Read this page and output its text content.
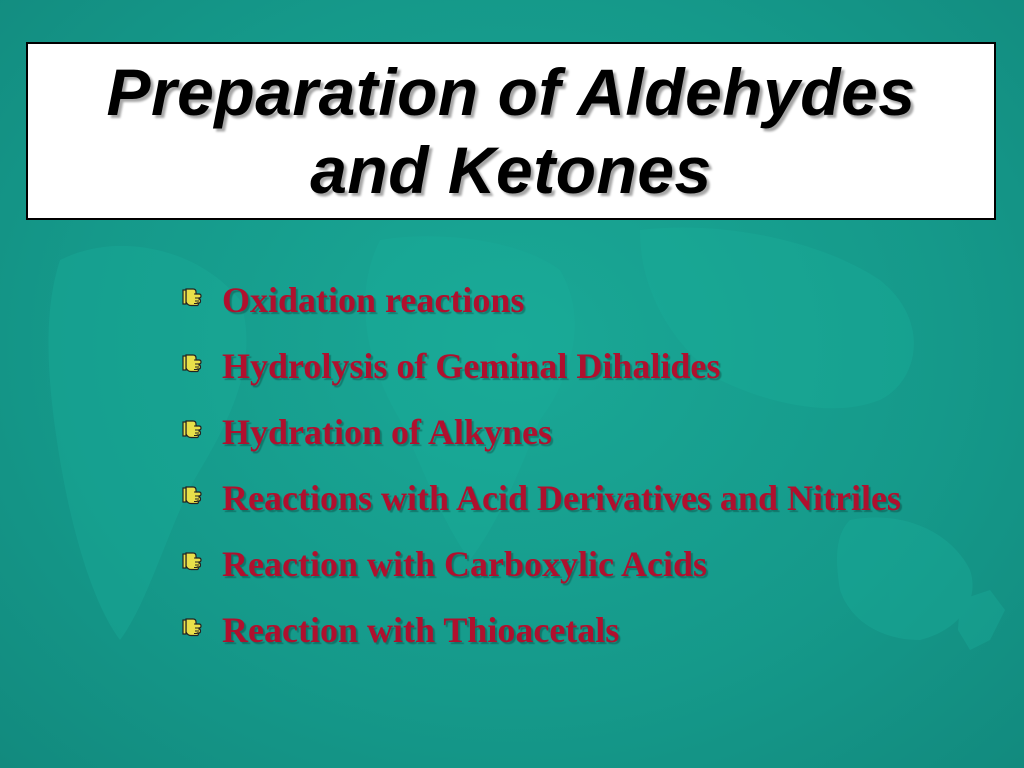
Preparation of Aldehydes
and Ketones
Oxidation reactions
Hydrolysis of Geminal Dihalides
Hydration of Alkynes
Reactions with Acid Derivatives and Nitriles
Reaction with Carboxylic Acids
Reaction with Thioacetals
